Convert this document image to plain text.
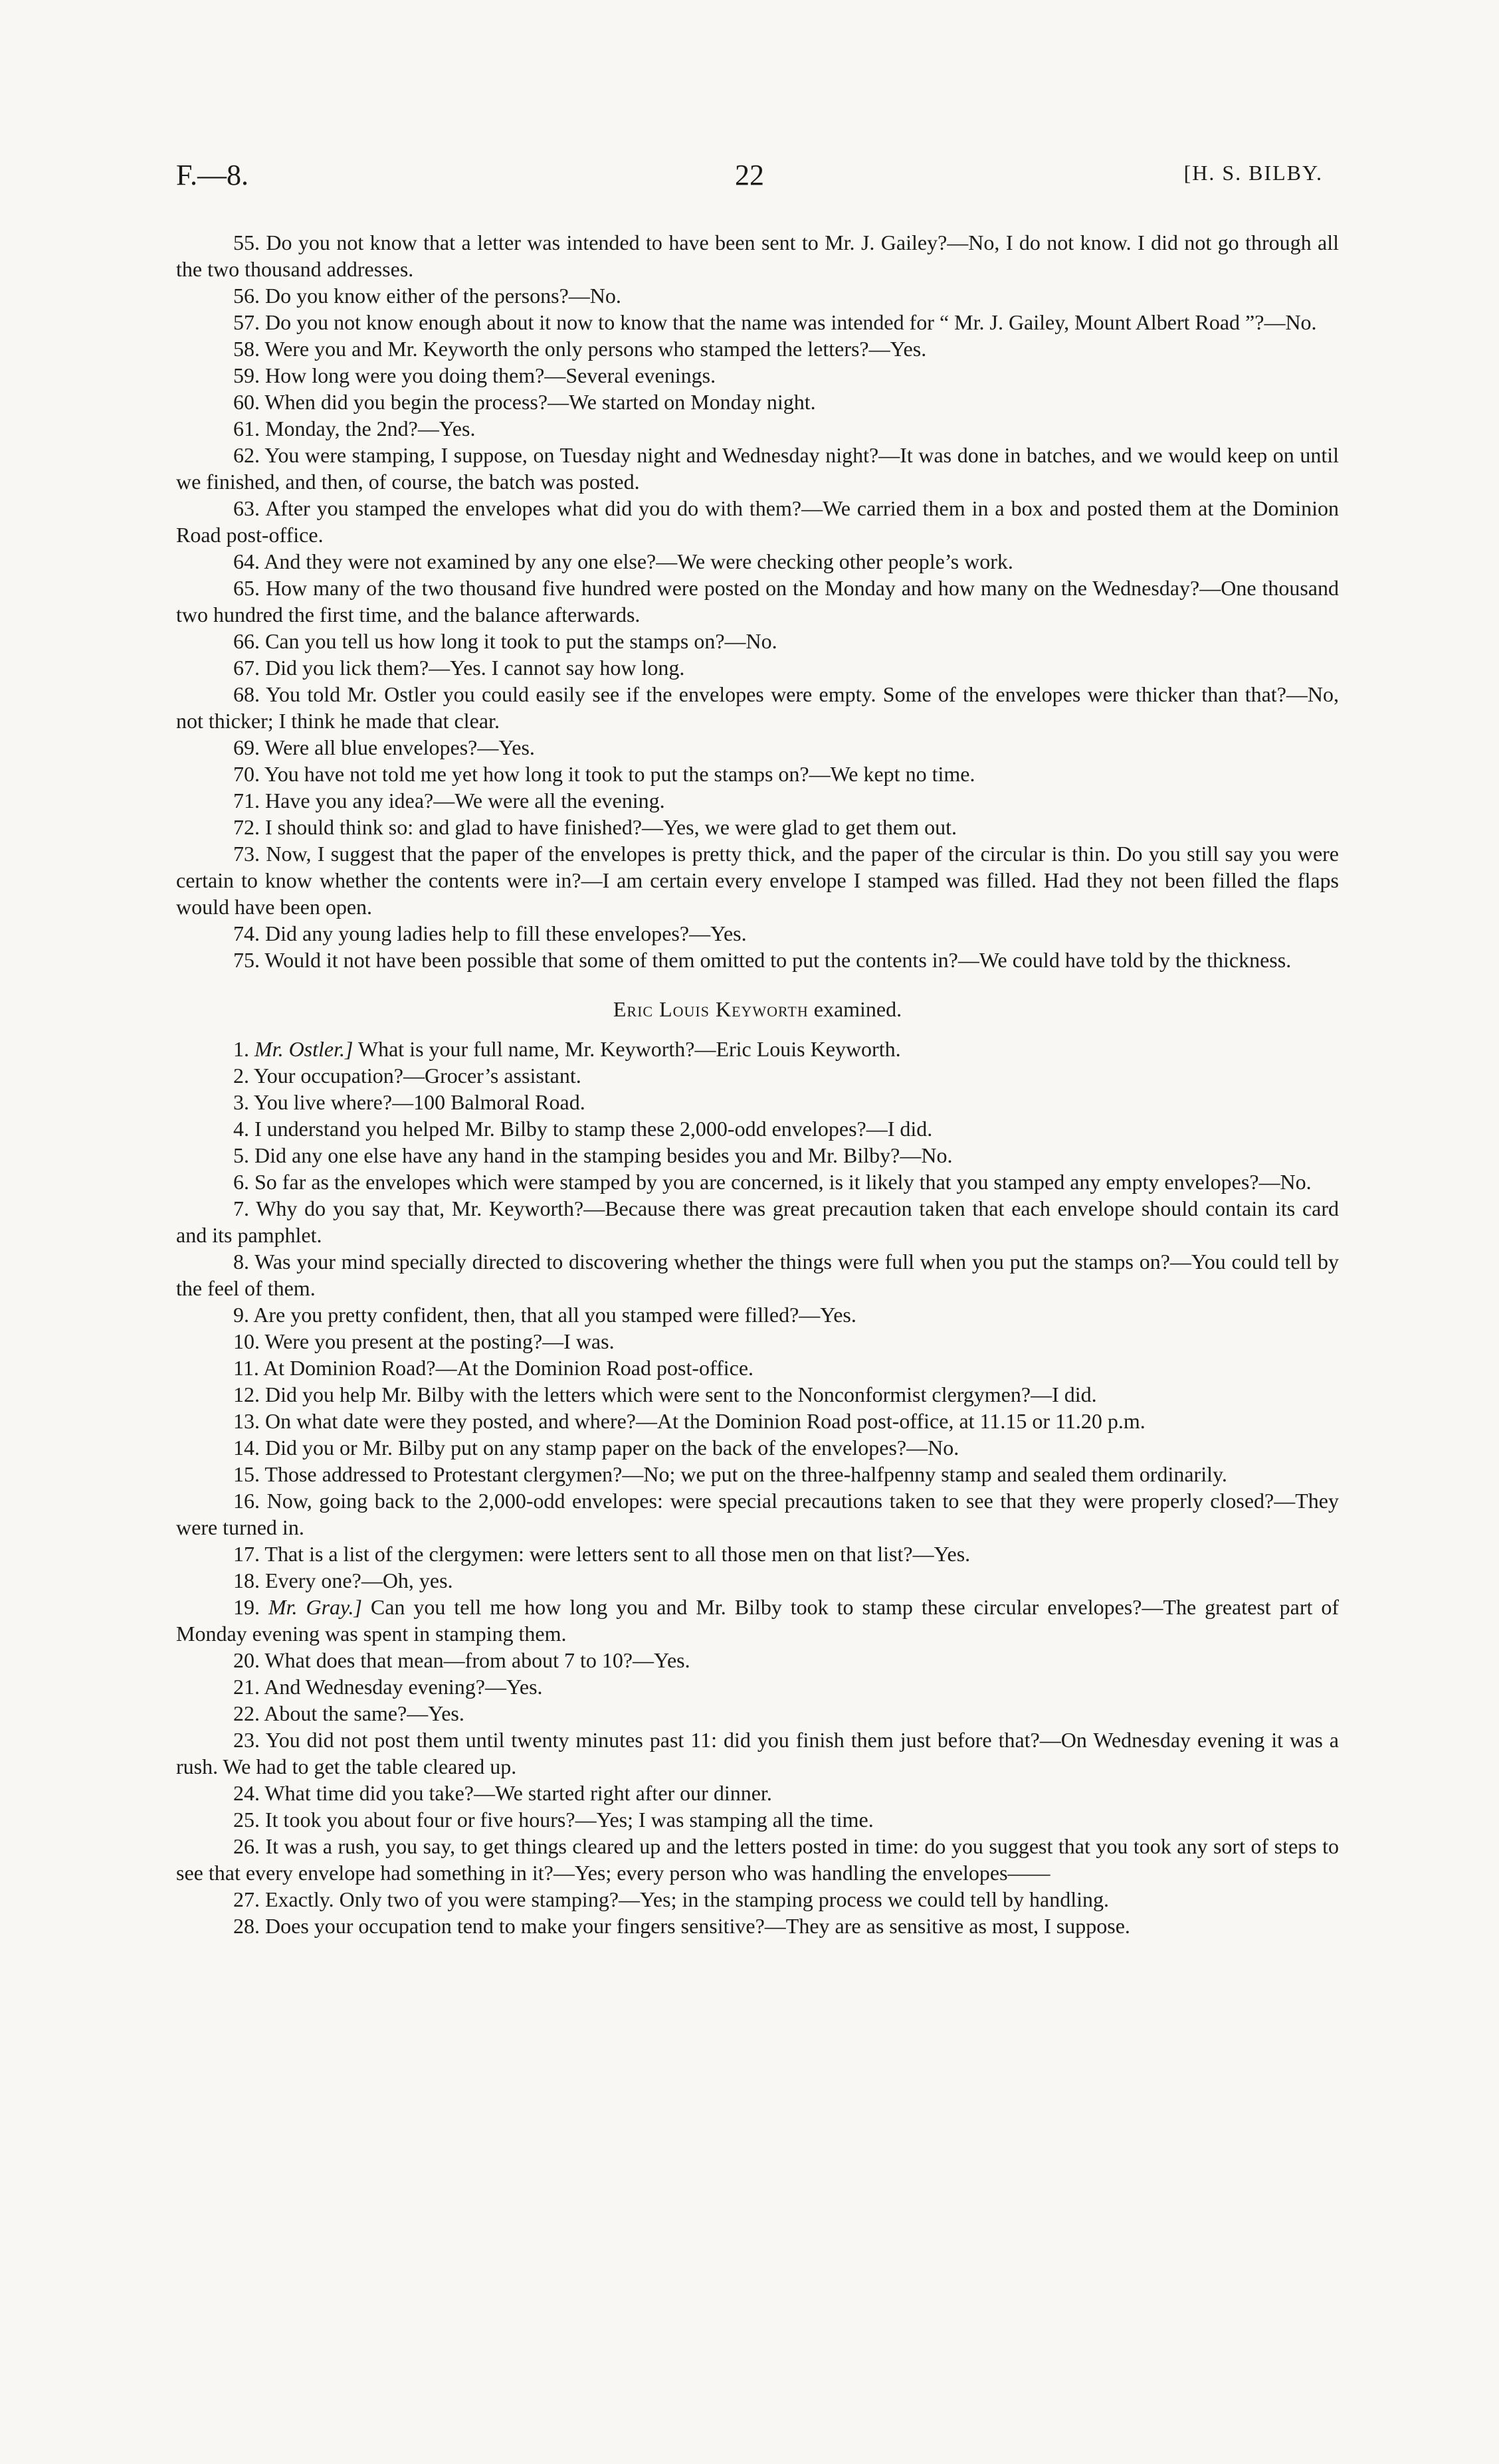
F.—8.	22	[H. S. BILBY.

55. Do you not know that a letter was intended to have been sent to Mr. J. Gailey?—No, I do not know. I did not go through all the two thousand addresses.

56. Do you know either of the persons?—No.

57. Do you not know enough about it now to know that the name was intended for “ Mr. J. Gailey, Mount Albert Road ”?—No.

58. Were you and Mr. Keyworth the only persons who stamped the letters?—Yes.

59. How long were you doing them?—Several evenings.

60. When did you begin the process?—We started on Monday night.

61. Monday, the 2nd?—Yes.

62. You were stamping, I suppose, on Tuesday night and Wednesday night?—It was done in batches, and we would keep on until we finished, and then, of course, the batch was posted.

63. After you stamped the envelopes what did you do with them?—We carried them in a box and posted them at the Dominion Road post-office.

64. And they were not examined by any one else?—We were checking other people’s work.

65. How many of the two thousand five hundred were posted on the Monday and how many on the Wednesday?—One thousand two hundred the first time, and the balance afterwards.

66. Can you tell us how long it took to put the stamps on?—No.

67. Did you lick them?—Yes. I cannot say how long.

68. You told Mr. Ostler you could easily see if the envelopes were empty. Some of the envelopes were thicker than that?—No, not thicker; I think he made that clear.

69. Were all blue envelopes?—Yes.

70. You have not told me yet how long it took to put the stamps on?—We kept no time.

71. Have you any idea?—We were all the evening.

72. I should think so: and glad to have finished?—Yes, we were glad to get them out.

73. Now, I suggest that the paper of the envelopes is pretty thick, and the paper of the circular is thin. Do you still say you were certain to know whether the contents were in?—I am certain every envelope I stamped was filled. Had they not been filled the flaps would have been open.

74. Did any young ladies help to fill these envelopes?—Yes.

75. Would it not have been possible that some of them omitted to put the contents in?—We could have told by the thickness.

Eric Louis Keyworth examined.

1. Mr. Ostler.] What is your full name, Mr. Keyworth?—Eric Louis Keyworth.

2. Your occupation?—Grocer’s assistant.

3. You live where?—100 Balmoral Road.

4. I understand you helped Mr. Bilby to stamp these 2,000-odd envelopes?—I did.

5. Did any one else have any hand in the stamping besides you and Mr. Bilby?—No.

6. So far as the envelopes which were stamped by you are concerned, is it likely that you stamped any empty envelopes?—No.

7. Why do you say that, Mr. Keyworth?—Because there was great precaution taken that each envelope should contain its card and its pamphlet.

8. Was your mind specially directed to discovering whether the things were full when you put the stamps on?—You could tell by the feel of them.

9. Are you pretty confident, then, that all you stamped were filled?—Yes.

10. Were you present at the posting?—I was.

11. At Dominion Road?—At the Dominion Road post-office.

12. Did you help Mr. Bilby with the letters which were sent to the Nonconformist clergymen?—I did.

13. On what date were they posted, and where?—At the Dominion Road post-office, at 11.15 or 11.20 p.m.

14. Did you or Mr. Bilby put on any stamp paper on the back of the envelopes?—No.

15. Those addressed to Protestant clergymen?—No; we put on the three-halfpenny stamp and sealed them ordinarily.

16. Now, going back to the 2,000-odd envelopes: were special precautions taken to see that they were properly closed?—They were turned in.

17. That is a list of the clergymen: were letters sent to all those men on that list?—Yes.

18. Every one?—Oh, yes.

19. Mr. Gray.] Can you tell me how long you and Mr. Bilby took to stamp these circular envelopes?—The greatest part of Monday evening was spent in stamping them.

20. What does that mean—from about 7 to 10?—Yes.

21. And Wednesday evening?—Yes.

22. About the same?—Yes.

23. You did not post them until twenty minutes past 11: did you finish them just before that?—On Wednesday evening it was a rush. We had to get the table cleared up.

24. What time did you take?—We started right after our dinner.

25. It took you about four or five hours?—Yes; I was stamping all the time.

26. It was a rush, you say, to get things cleared up and the letters posted in time: do you suggest that you took any sort of steps to see that every envelope had something in it?—Yes; every person who was handling the envelopes——

27. Exactly. Only two of you were stamping?—Yes; in the stamping process we could tell by handling.

28. Does your occupation tend to make your fingers sensitive?—They are as sensitive as most, I suppose.
